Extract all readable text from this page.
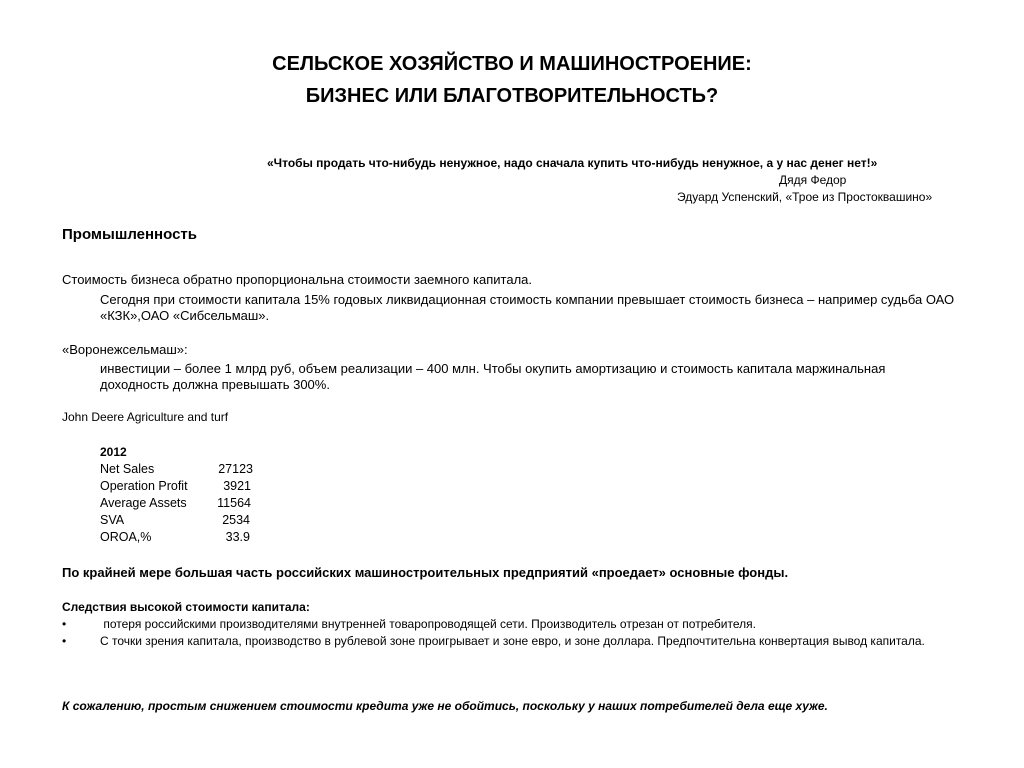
СЕЛЬСКОЕ ХОЗЯЙСТВО И МАШИНОСТРОЕНИЕ:
БИЗНЕС ИЛИ БЛАГОТВОРИТЕЛЬНОСТЬ?
«Чтобы продать что-нибудь ненужное, надо сначала купить что-нибудь ненужное, а у нас денег нет!»
Дядя Федор
Эдуард Успенский, «Трое из Простоквашино»
Промышленность
Стоимость бизнеса обратно пропорциональна стоимости заемного капитала.
Сегодня при стоимости капитала 15% годовых ликвидационная стоимость компании превышает стоимость бизнеса – например судьба ОАО «КЗК»,ОАО «Сибсельмаш».
«Воронежсельмаш»:
инвестиции – более 1 млрд руб, объем реализации – 400 млн. Чтобы окупить амортизацию и стоимость капитала маржинальная доходность должна превышать 300%.
John Deere Agriculture and turf
2012
Net Sales	27123
Operation Profit	3921
Average Assets	11564
SVA	2534
OROA,%	33.9
По крайней мере большая часть российских машиностроительных предприятий «проедает» основные фонды.
Следствия высокой стоимости капитала:
•	потеря российскими производителями внутренней товаропроводящей сети. Производитель отрезан от потребителя.
•	С точки зрения капитала, производство в рублевой зоне проигрывает и зоне евро, и зоне доллара. Предпочтительна конвертация вывод капитала.
К сожалению, простым снижением стоимости кредита уже не обойтись, поскольку у наших потребителей дела еще хуже.
